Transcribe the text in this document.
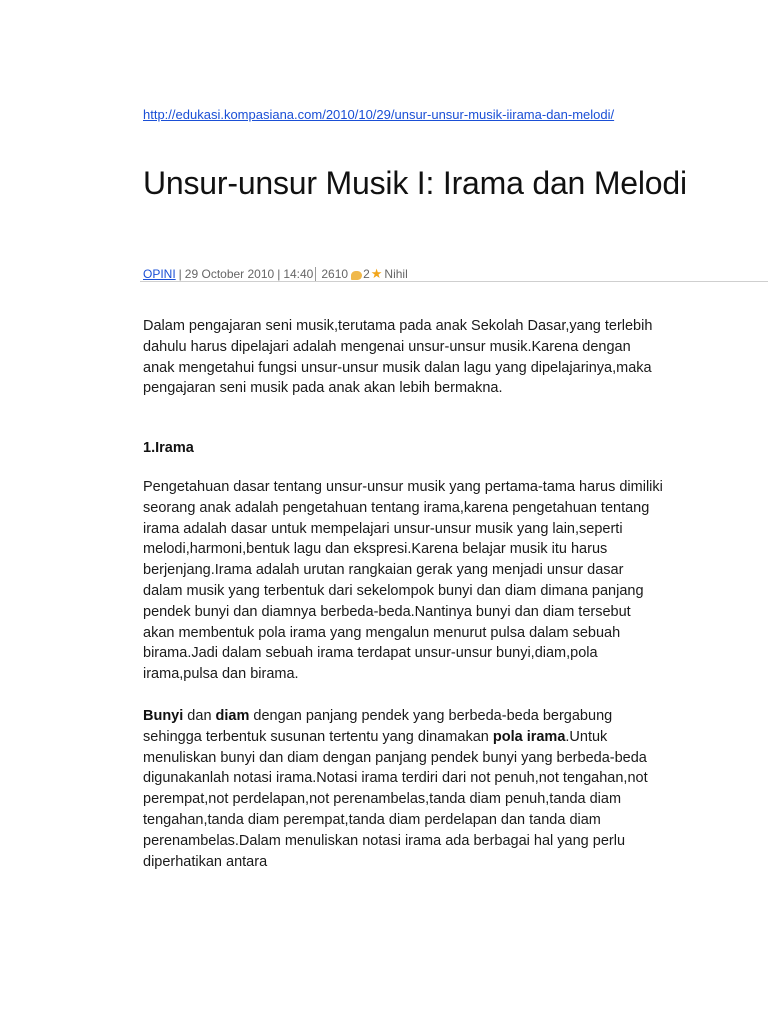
http://edukasi.kompasiana.com/2010/10/29/unsur-unsur-musik-iirama-dan-melodi/
Unsur-unsur Musik I: Irama dan Melodi
OPINI | 29 October 2010 | 14:40 2610 2 ★ Nihil

Dalam pengajaran seni musik,terutama pada anak Sekolah Dasar,yang terlebih dahulu harus dipelajari adalah mengenai unsur-unsur musik.Karena dengan anak mengetahui fungsi unsur-unsur musik dalan lagu yang dipelajarinya,maka pengajaran seni musik pada anak akan lebih bermakna.

1.Irama

Pengetahuan dasar tentang unsur-unsur musik yang pertama-tama harus dimiliki seorang anak adalah pengetahuan tentang irama,karena pengetahuan tentang irama adalah dasar untuk mempelajari unsur-unsur musik yang lain,seperti melodi,harmoni,bentuk lagu dan ekspresi.Karena belajar musik itu harus berjenjang.Irama adalah urutan rangkaian gerak yang menjadi unsur dasar dalam musik yang terbentuk dari sekelompok bunyi dan diam dimana panjang pendek bunyi dan diamnya berbeda-beda.Nantinya bunyi dan diam tersebut akan membentuk pola irama yang mengalun menurut pulsa dalam sebuah birama.Jadi dalam sebuah irama terdapat unsur-unsur bunyi,diam,pola irama,pulsa dan birama.

Bunyi dan diam dengan panjang pendek yang berbeda-beda bergabung sehingga terbentuk susunan tertentu yang dinamakan pola irama.Untuk menuliskan bunyi dan diam dengan panjang pendek bunyi yang berbeda-beda digunakanlah notasi irama.Notasi irama terdiri dari not penuh,not tengahan,not perempat,not perdelapan,not perenambelas,tanda diam penuh,tanda diam tengahan,tanda diam perempat,tanda diam perdelapan dan tanda diam perenambelas.Dalam menuliskan notasi irama ada berbagai hal yang perlu diperhatikan antara
